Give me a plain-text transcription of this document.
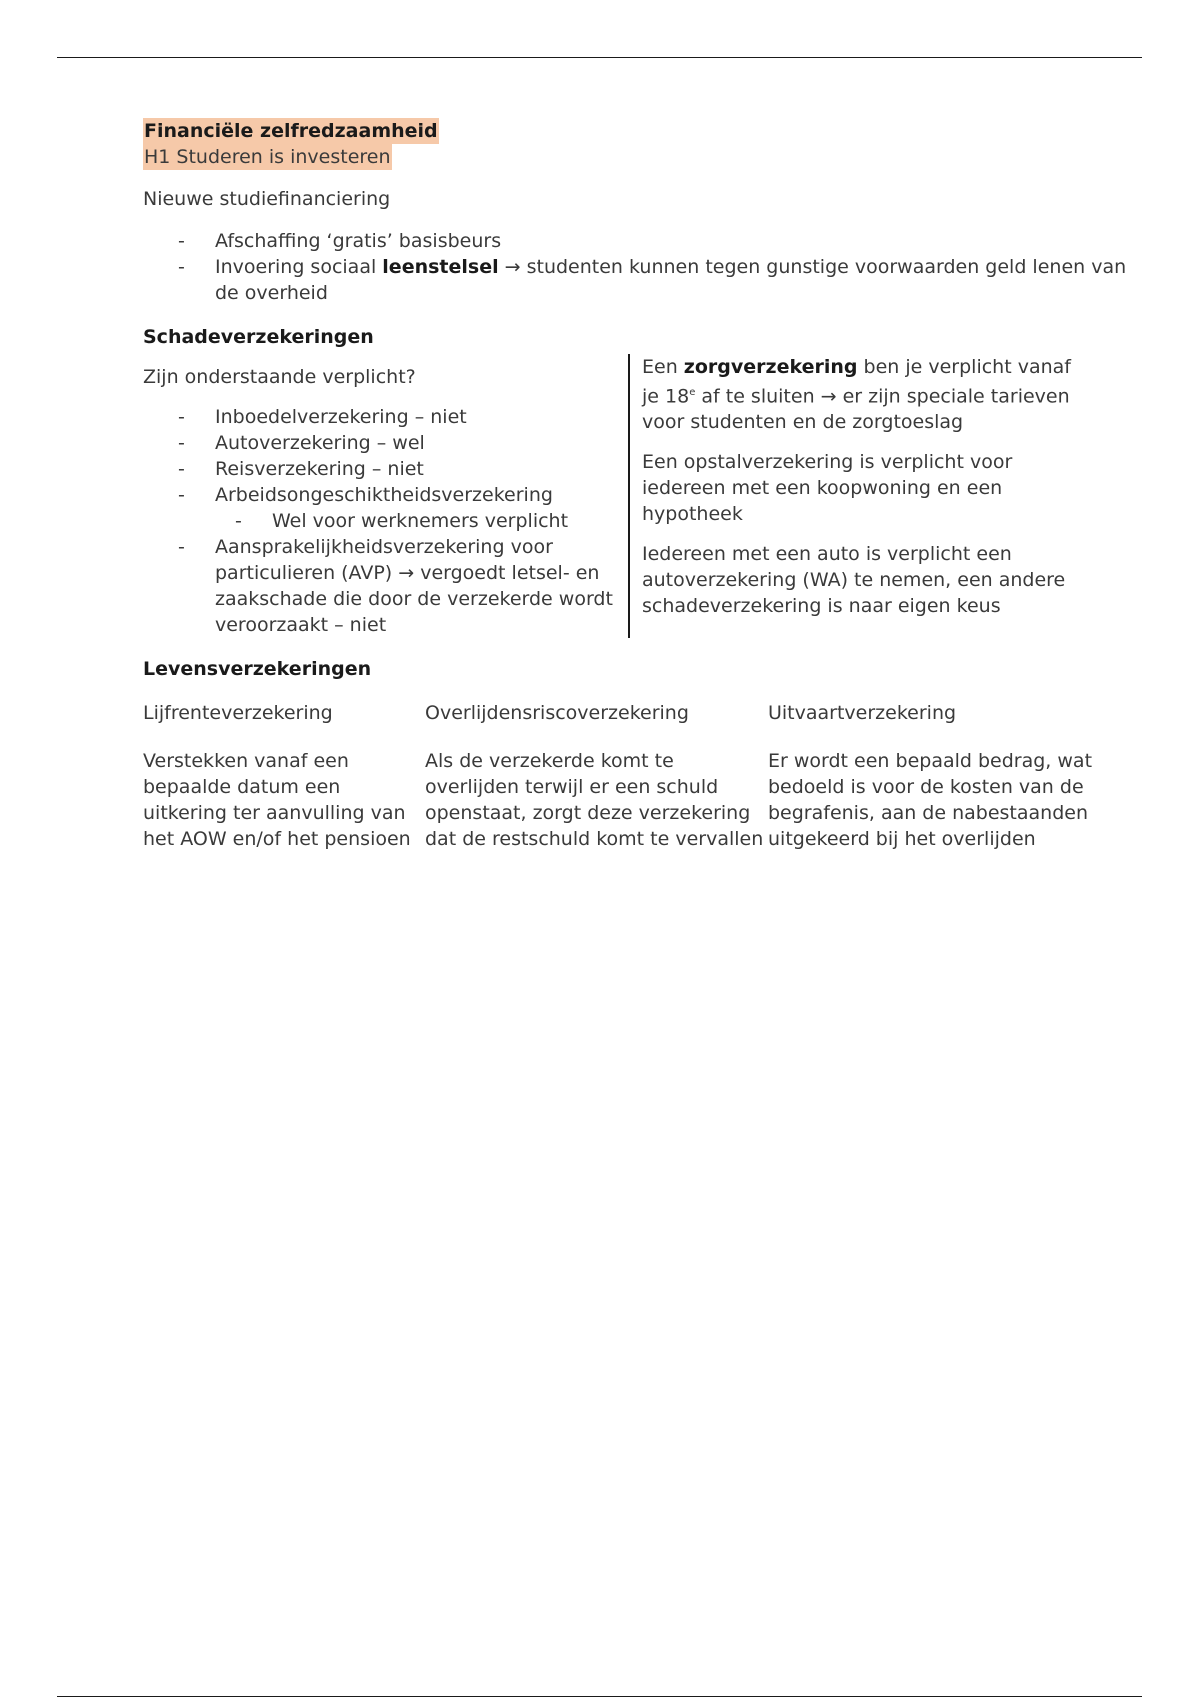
Financiële zelfredzaamheid
H1 Studeren is investeren
Nieuwe studiefinanciering
- Afschaffing ‘gratis’ basisbeurs
- Invoering sociaal leenstelsel → studenten kunnen tegen gunstige voorwaarden geld lenen van de overheid
Schadeverzekeringen
Zijn onderstaande verplicht?
- Inboedelverzekering – niet
- Autoverzekering – wel
- Reisverzekering – niet
- Arbeidsongeschiktheidsverzekering
- Wel voor werknemers verplicht
- Aansprakelijkheidsverzekering voor particulieren (AVP) → vergoedt letsel- en zaakschade die door de verzekerde wordt veroorzaakt – niet

Een zorgverzekering ben je verplicht vanaf je 18e af te sluiten → er zijn speciale tarieven voor studenten en de zorgtoeslag

Een opstalverzekering is verplicht voor iedereen met een koopwoning en een hypotheek

Iedereen met een auto is verplicht een autoverzekering (WA) te nemen, een andere schadeverzekering is naar eigen keus

Levensverzekeringen
Lijfrenteverzekering
Verstekken vanaf een bepaalde datum een uitkering ter aanvulling van het AOW en/of het pensioen
Overlijdensriscoverzekering
Als de verzekerde komt te overlijden terwijl er een schuld openstaat, zorgt deze verzekering dat de restschuld komt te vervallen
Uitvaartverzekering
Er wordt een bepaald bedrag, wat bedoeld is voor de kosten van de begrafenis, aan de nabestaanden uitgekeerd bij het overlijden
